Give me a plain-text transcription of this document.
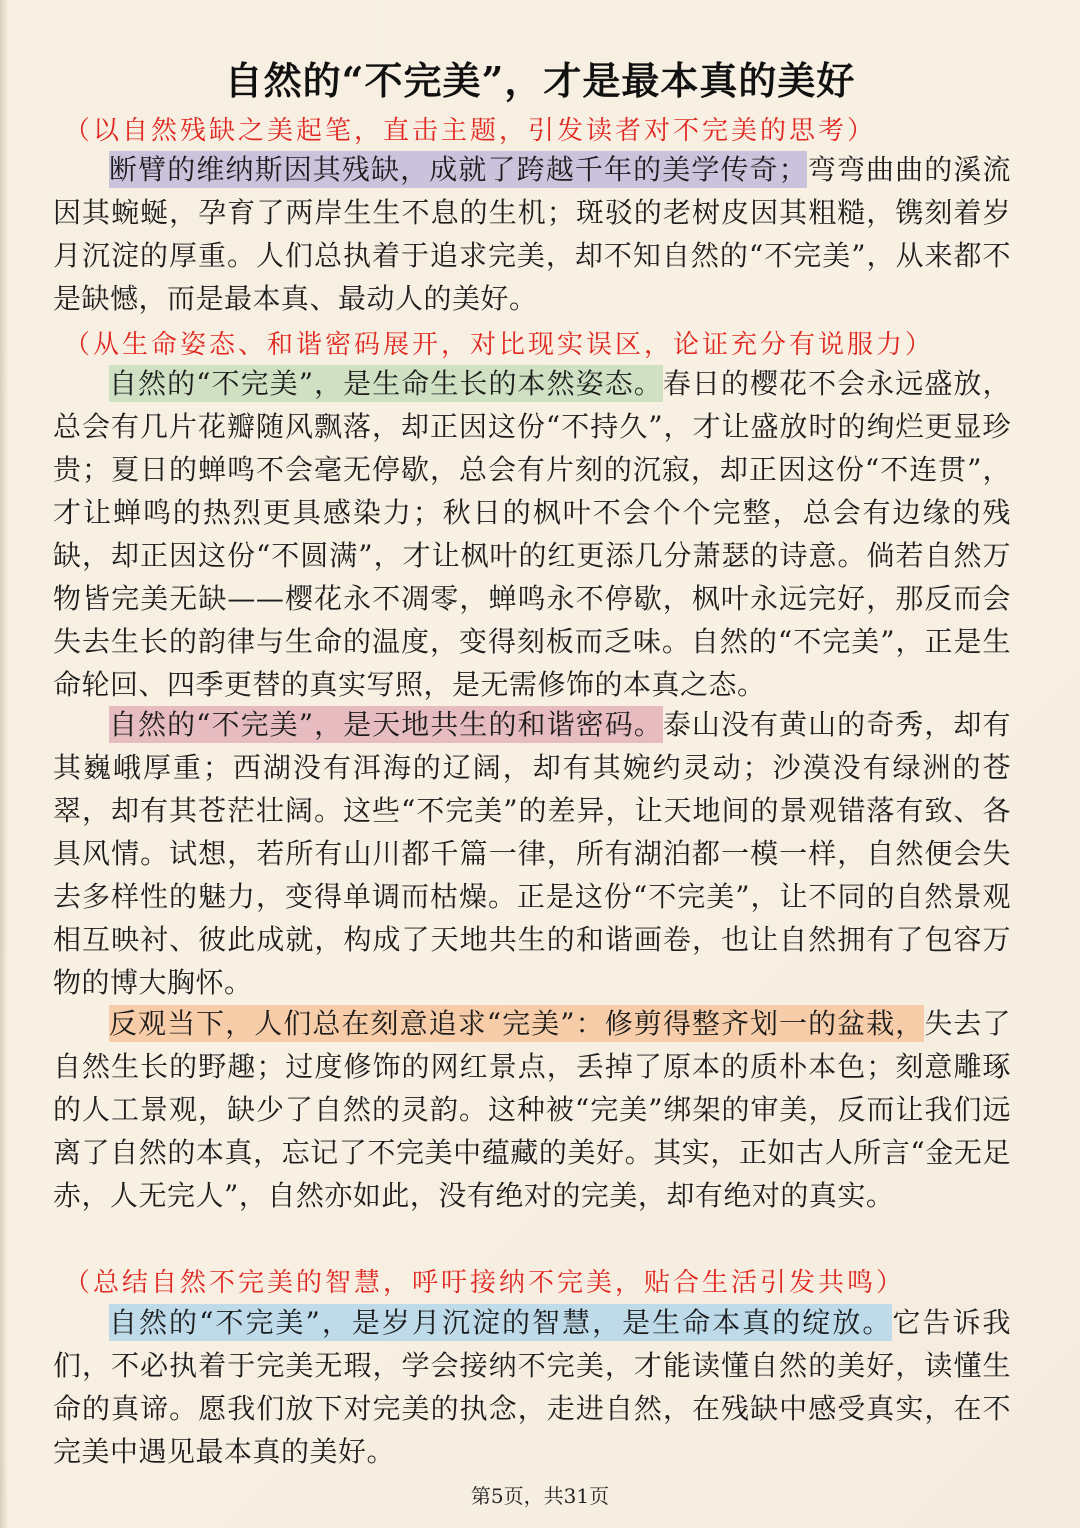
自然的“不完美”，才是最本真的美好
（以自然残缺之美起笔，直击主题，引发读者对不完美的思考）
断臂的维纳斯因其残缺，成就了跨越千年的美学传奇；弯弯曲曲的溪流因其蜿蜒，孕育了两岸生生不息的生机；斑驳的老树皮因其粗糙，镌刻着岁月沉淀的厚重。人们总执着于追求完美，却不知自然的“不完美”，从来都不是缺憾，而是最本真、最动人的美好。
（从生命姿态、和谐密码展开，对比现实误区，论证充分有说服力）
自然的“不完美”，是生命生长的本然姿态。春日的樱花不会永远盛放，总会有几片花瓣随风飘落，却正因这份“不持久”，才让盛放时的绚烂更显珍贵；夏日的蝉鸣不会毫无停歇，总会有片刻的沉寂，却正因这份“不连贯”，才让蝉鸣的热烈更具感染力；秋日的枫叶不会个个完整，总会有边缘的残缺，却正因这份“不圆满”，才让枫叶的红更添几分萧瑟的诗意。倘若自然万物皆完美无缺——樱花永不凋零，蝉鸣永不停歇，枫叶永远完好，那反而会失去生长的韵律与生命的温度，变得刻板而乏味。自然的“不完美”，正是生命轮回、四季更替的真实写照，是无需修饰的本真之态。
自然的“不完美”，是天地共生的和谐密码。泰山没有黄山的奇秀，却有其巍峨厚重；西湖没有洱海的辽阔，却有其婉约灵动；沙漠没有绿洲的苍翠，却有其苍茫壮阔。这些“不完美”的差异，让天地间的景观错落有致、各具风情。试想，若所有山川都千篇一律，所有湖泊都一模一样，自然便会失去多样性的魅力，变得单调而枯燥。正是这份“不完美”，让不同的自然景观相互映衬、彼此成就，构成了天地共生的和谐画卷，也让自然拥有了包容万物的博大胸怀。
反观当下，人们总在刻意追求“完美”：修剪得整齐划一的盆栽，失去了自然生长的野趣；过度修饰的网红景点，丢掉了原本的质朴本色；刻意雕琢的人工景观，缺少了自然的灵韵。这种被“完美”绑架的审美，反而让我们远离了自然的本真，忘记了不完美中蕴藏的美好。其实，正如古人所言“金无足赤，人无完人”，自然亦如此，没有绝对的完美，却有绝对的真实。
（总结自然不完美的智慧，呼吁接纳不完美，贴合生活引发共鸣）
自然的“不完美”，是岁月沉淀的智慧，是生命本真的绽放。它告诉我们，不必执着于完美无瑕，学会接纳不完美，才能读懂自然的美好，读懂生命的真谛。愿我们放下对完美的执念，走进自然，在残缺中感受真实，在不完美中遇见最本真的美好。
第5页，共31页
